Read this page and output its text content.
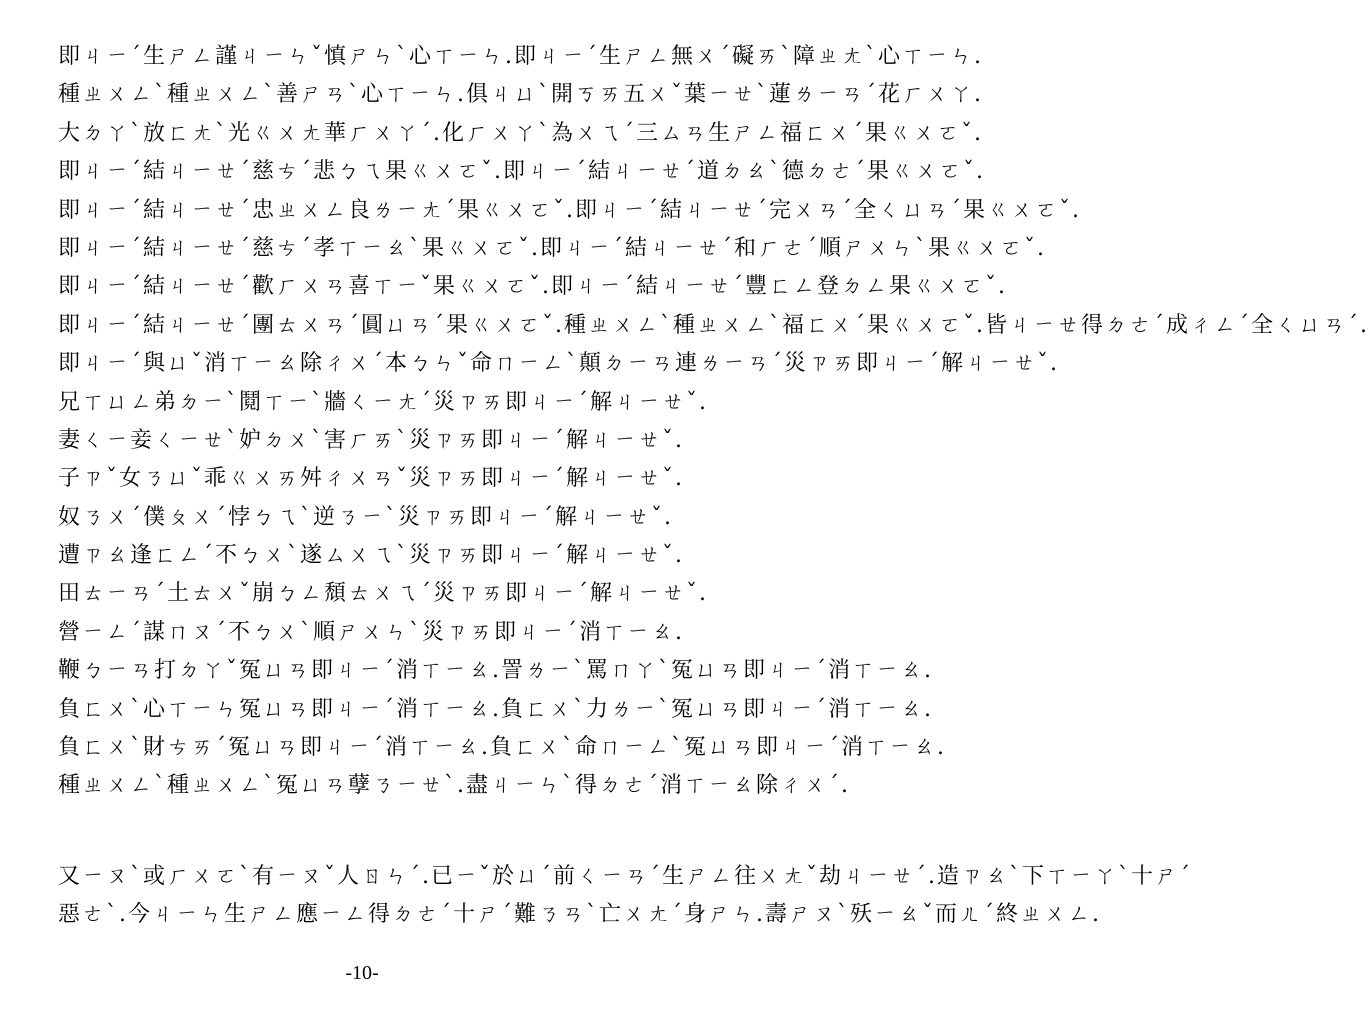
即ㄐㄧˊ生ㄕㄥ謹ㄐㄧㄣˇ慎ㄕㄣˋ心ㄒㄧㄣ.即ㄐㄧˊ生ㄕㄥ無ㄨˊ礙ㄞˋ障ㄓㄤˋ心ㄒㄧㄣ.
種ㄓㄨㄥˋ種ㄓㄨㄥˋ善ㄕㄢˋ心ㄒㄧㄣ.俱ㄐㄩˋ開ㄎㄞ五ㄨˇ葉ㄧㄝˋ蓮ㄌㄧㄢˊ花ㄏㄨㄚ.
大ㄉㄚˋ放ㄈㄤˋ光ㄍㄨㄤ華ㄏㄨㄚˊ.化ㄏㄨㄚˋ為ㄨㄟˊ三ㄙㄢ生ㄕㄥ福ㄈㄨˊ果ㄍㄨㄛˇ.
即ㄐㄧˊ結ㄐㄧㄝˊ慈ㄘˊ悲ㄅㄟ果ㄍㄨㄛˇ.即ㄐㄧˊ結ㄐㄧㄝˊ道ㄉㄠˋ德ㄉㄜˊ果ㄍㄨㄛˇ.
即ㄐㄧˊ結ㄐㄧㄝˊ忠ㄓㄨㄥ良ㄌㄧㄤˊ果ㄍㄨㄛˇ.即ㄐㄧˊ結ㄐㄧㄝˊ完ㄨㄢˊ全ㄑㄩㄢˊ果ㄍㄨㄛˇ.
即ㄐㄧˊ結ㄐㄧㄝˊ慈ㄘˊ孝ㄒㄧㄠˋ果ㄍㄨㄛˇ.即ㄐㄧˊ結ㄐㄧㄝˊ和ㄏㄜˊ順ㄕㄨㄣˋ果ㄍㄨㄛˇ.
即ㄐㄧˊ結ㄐㄧㄝˊ歡ㄏㄨㄢ喜ㄒㄧˇ果ㄍㄨㄛˇ.即ㄐㄧˊ結ㄐㄧㄝˊ豐ㄈㄥ登ㄉㄥ果ㄍㄨㄛˇ.
即ㄐㄧˊ結ㄐㄧㄝˊ團ㄊㄨㄢˊ圓ㄩㄢˊ果ㄍㄨㄛˇ.種ㄓㄨㄥˋ種ㄓㄨㄥˋ福ㄈㄨˊ果ㄍㄨㄛˇ.皆ㄐㄧㄝ得ㄉㄜˊ成ㄔㄥˊ全ㄑㄩㄢˊ.
即ㄐㄧˊ與ㄩˇ消ㄒㄧㄠ除ㄔㄨˊ本ㄅㄣˇ命ㄇㄧㄥˋ顛ㄉㄧㄢ連ㄌㄧㄢˊ災ㄗㄞ即ㄐㄧˊ解ㄐㄧㄝˇ.
兄ㄒㄩㄥ弟ㄉㄧˋ鬩ㄒㄧˋ牆ㄑㄧㄤˊ災ㄗㄞ即ㄐㄧˊ解ㄐㄧㄝˇ.
妻ㄑㄧ妾ㄑㄧㄝˋ妒ㄉㄨˋ害ㄏㄞˋ災ㄗㄞ即ㄐㄧˊ解ㄐㄧㄝˇ.
子ㄗˇ女ㄋㄩˇ乖ㄍㄨㄞ舛ㄔㄨㄢˇ災ㄗㄞ即ㄐㄧˊ解ㄐㄧㄝˇ.
奴ㄋㄨˊ僕ㄆㄨˊ悖ㄅㄟˋ逆ㄋㄧˋ災ㄗㄞ即ㄐㄧˊ解ㄐㄧㄝˇ.
遭ㄗㄠ逢ㄈㄥˊ不ㄅㄨˋ遂ㄙㄨㄟˋ災ㄗㄞ即ㄐㄧˊ解ㄐㄧㄝˇ.
田ㄊㄧㄢˊ土ㄊㄨˇ崩ㄅㄥ頹ㄊㄨㄟˊ災ㄗㄞ即ㄐㄧˊ解ㄐㄧㄝˇ.
營ㄧㄥˊ謀ㄇㄡˊ不ㄅㄨˋ順ㄕㄨㄣˋ災ㄗㄞ即ㄐㄧˊ消ㄒㄧㄠ.
鞭ㄅㄧㄢ打ㄉㄚˇ冤ㄩㄢ即ㄐㄧˊ消ㄒㄧㄠ.詈ㄌㄧˋ罵ㄇㄚˋ冤ㄩㄢ即ㄐㄧˊ消ㄒㄧㄠ.
負ㄈㄨˋ心ㄒㄧㄣ冤ㄩㄢ即ㄐㄧˊ消ㄒㄧㄠ.負ㄈㄨˋ力ㄌㄧˋ冤ㄩㄢ即ㄐㄧˊ消ㄒㄧㄠ.
負ㄈㄨˋ財ㄘㄞˊ冤ㄩㄢ即ㄐㄧˊ消ㄒㄧㄠ.負ㄈㄨˋ命ㄇㄧㄥˋ冤ㄩㄢ即ㄐㄧˊ消ㄒㄧㄠ.
種ㄓㄨㄥˋ種ㄓㄨㄥˋ冤ㄩㄢ孽ㄋㄧㄝˋ.盡ㄐㄧㄣˋ得ㄉㄜˊ消ㄒㄧㄠ除ㄔㄨˊ.
又ㄧㄡˋ或ㄏㄨㄛˋ有ㄧㄡˇ人ㄖㄣˊ.已ㄧˇ於ㄩˊ前ㄑㄧㄢˊ生ㄕㄥ往ㄨㄤˇ劫ㄐㄧㄝˊ.造ㄗㄠˋ下ㄒㄧㄚˋ十ㄕˊ
惡ㄜˋ.今ㄐㄧㄣ生ㄕㄥ應ㄧㄥ得ㄉㄜˊ十ㄕˊ難ㄋㄢˋ亡ㄨㄤˊ身ㄕㄣ.壽ㄕㄡˋ殀ㄧㄠˇ而ㄦˊ終ㄓㄨㄥ.
-10-
